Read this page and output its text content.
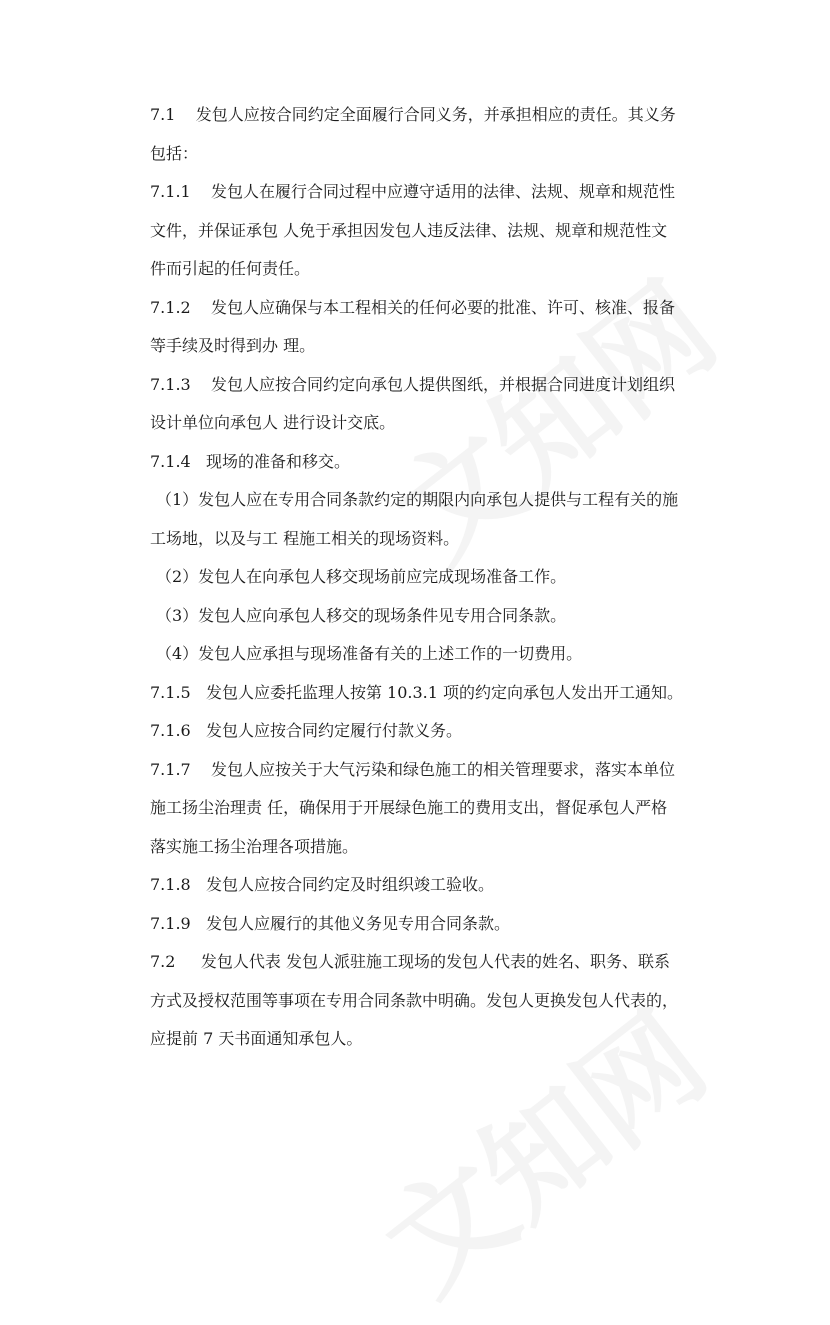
7.1    发包人应按合同约定全面履行合同义务，并承担相应的责任。其义务
包括：
7.1.1    发包人在履行合同过程中应遵守适用的法律、法规、规章和规范性
文件，并保证承包 人免于承担因发包人违反法律、法规、规章和规范性文
件而引起的任何责任。
7.1.2    发包人应确保与本工程相关的任何必要的批准、许可、核准、报备
等手续及时得到办 理。
7.1.3    发包人应按合同约定向承包人提供图纸，并根据合同进度计划组织
设计单位向承包人 进行设计交底。
7.1.4   现场的准备和移交。
（1）发包人应在专用合同条款约定的期限内向承包人提供与工程有关的施
工场地，以及与工 程施工相关的现场资料。
（2）发包人在向承包人移交现场前应完成现场准备工作。
（3）发包人应向承包人移交的现场条件见专用合同条款。
（4）发包人应承担与现场准备有关的上述工作的一切费用。
7.1.5   发包人应委托监理人按第 10.3.1 项的约定向承包人发出开工通知。
7.1.6   发包人应按合同约定履行付款义务。
7.1.7    发包人应按关于大气污染和绿色施工的相关管理要求，落实本单位
施工扬尘治理责 任，确保用于开展绿色施工的费用支出，督促承包人严格
落实施工扬尘治理各项措施。
7.1.8   发包人应按合同约定及时组织竣工验收。
7.1.9   发包人应履行的其他义务见专用合同条款。
7.2     发包人代表 发包人派驻施工现场的发包人代表的姓名、职务、联系
方式及授权范围等事项在专用合同条款中明确。发包人更换发包人代表的，
应提前 7 天书面通知承包人。
